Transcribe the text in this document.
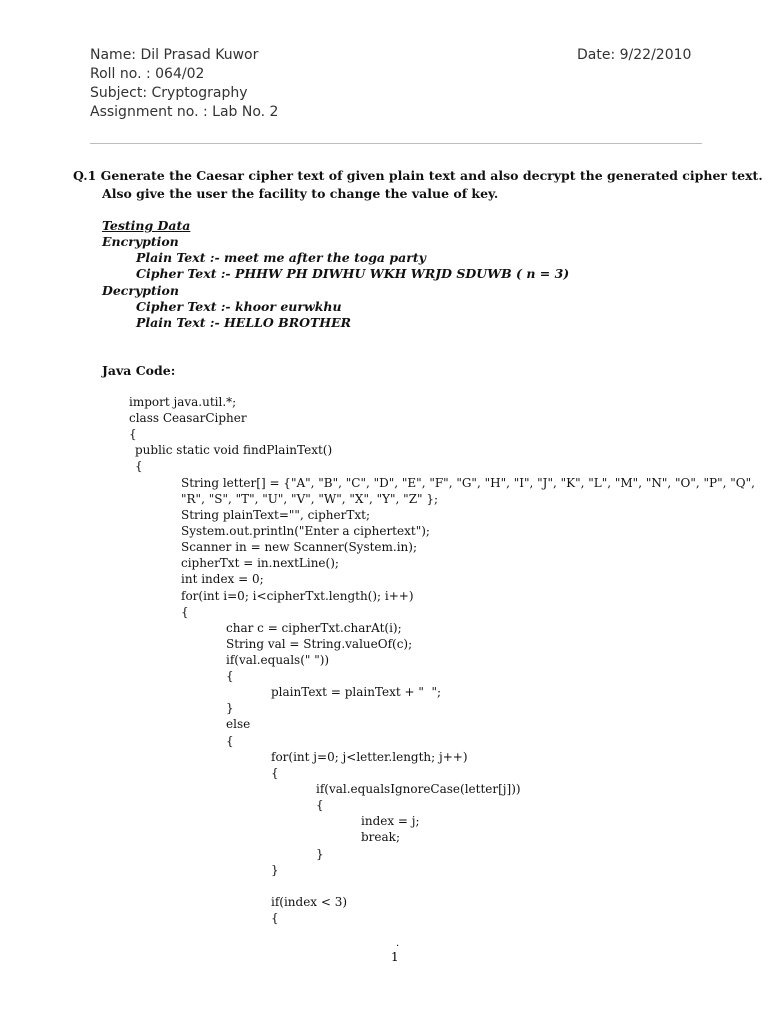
Name: Dil Prasad Kuwor
Roll no. : 064/02
Subject: Cryptography
Assignment no. : Lab No. 2
Date: 9/22/2010
Q.1 Generate the Caesar cipher text of given plain text and also decrypt the generated cipher text.
Also give the user the facility to change the value of key.
Testing Data
Encryption
Plain Text :- meet me after the toga party
Cipher Text :- PHHW PH DIWHU WKH WRJD SDUWB ( n = 3)
Decryption
Cipher Text :- khoor eurwkhu
Plain Text :- HELLO BROTHER
Java Code:
import java.util.*;
class CeasarCipher
{
public static void findPlainText()
{
String letter[] = {"A", "B", "C", "D", "E", "F", "G", "H", "I", "J", "K", "L", "M", "N", "O", "P", "Q",
"R", "S", "T", "U", "V", "W", "X", "Y", "Z" };
String plainText="", cipherTxt;
System.out.println("Enter a ciphertext");
Scanner in = new Scanner(System.in);
cipherTxt = in.nextLine();
int index = 0;
for(int i=0; i<cipherTxt.length(); i++)
{
char c = cipherTxt.charAt(i);
String val = String.valueOf(c);
if(val.equals(" "))
{
plainText = plainText + "  ";
}
else
{
for(int j=0; j<letter.length; j++)
{
if(val.equalsIgnoreCase(letter[j]))
{
index = j;
break;
}
}
if(index < 3)
{
.
1
